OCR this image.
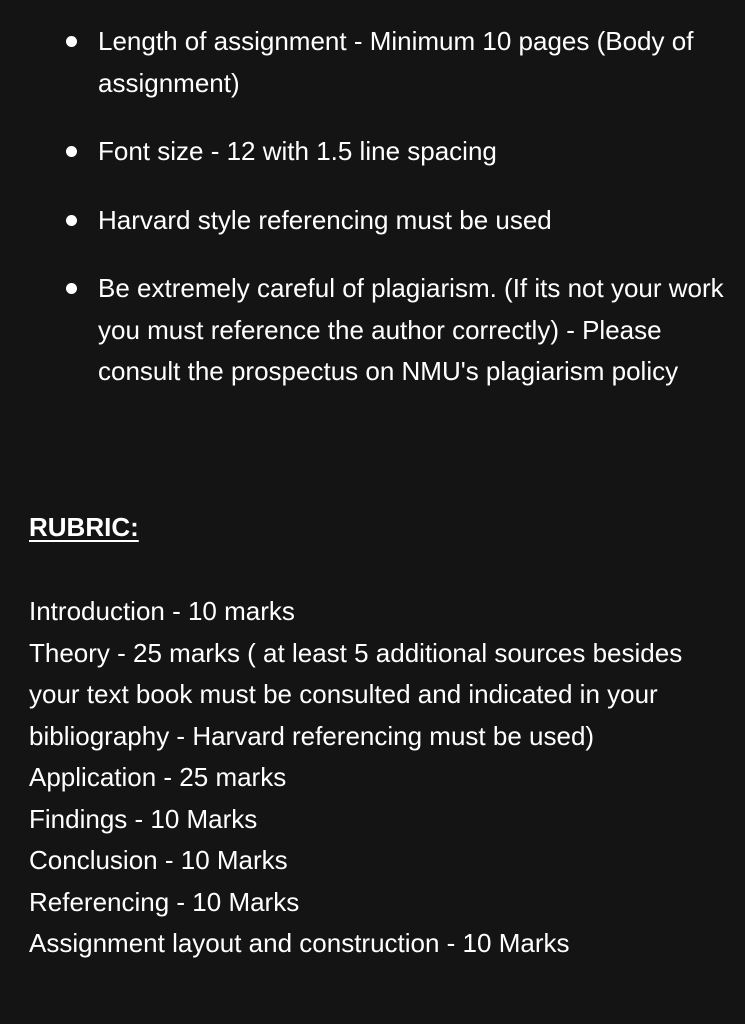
Length of assignment - Minimum 10 pages (Body of assignment)
Font size - 12 with 1.5 line spacing
Harvard style referencing must be used
Be extremely careful of plagiarism. (If its not your work you must reference the author correctly) - Please consult the prospectus on NMU's plagiarism policy
RUBRIC:
Introduction - 10 marks
Theory - 25 marks ( at least 5 additional sources besides your text book must be consulted and indicated in your bibliography - Harvard referencing must be used)
Application - 25 marks
Findings - 10 Marks
Conclusion - 10 Marks
Referencing - 10 Marks
Assignment layout and construction - 10 Marks
